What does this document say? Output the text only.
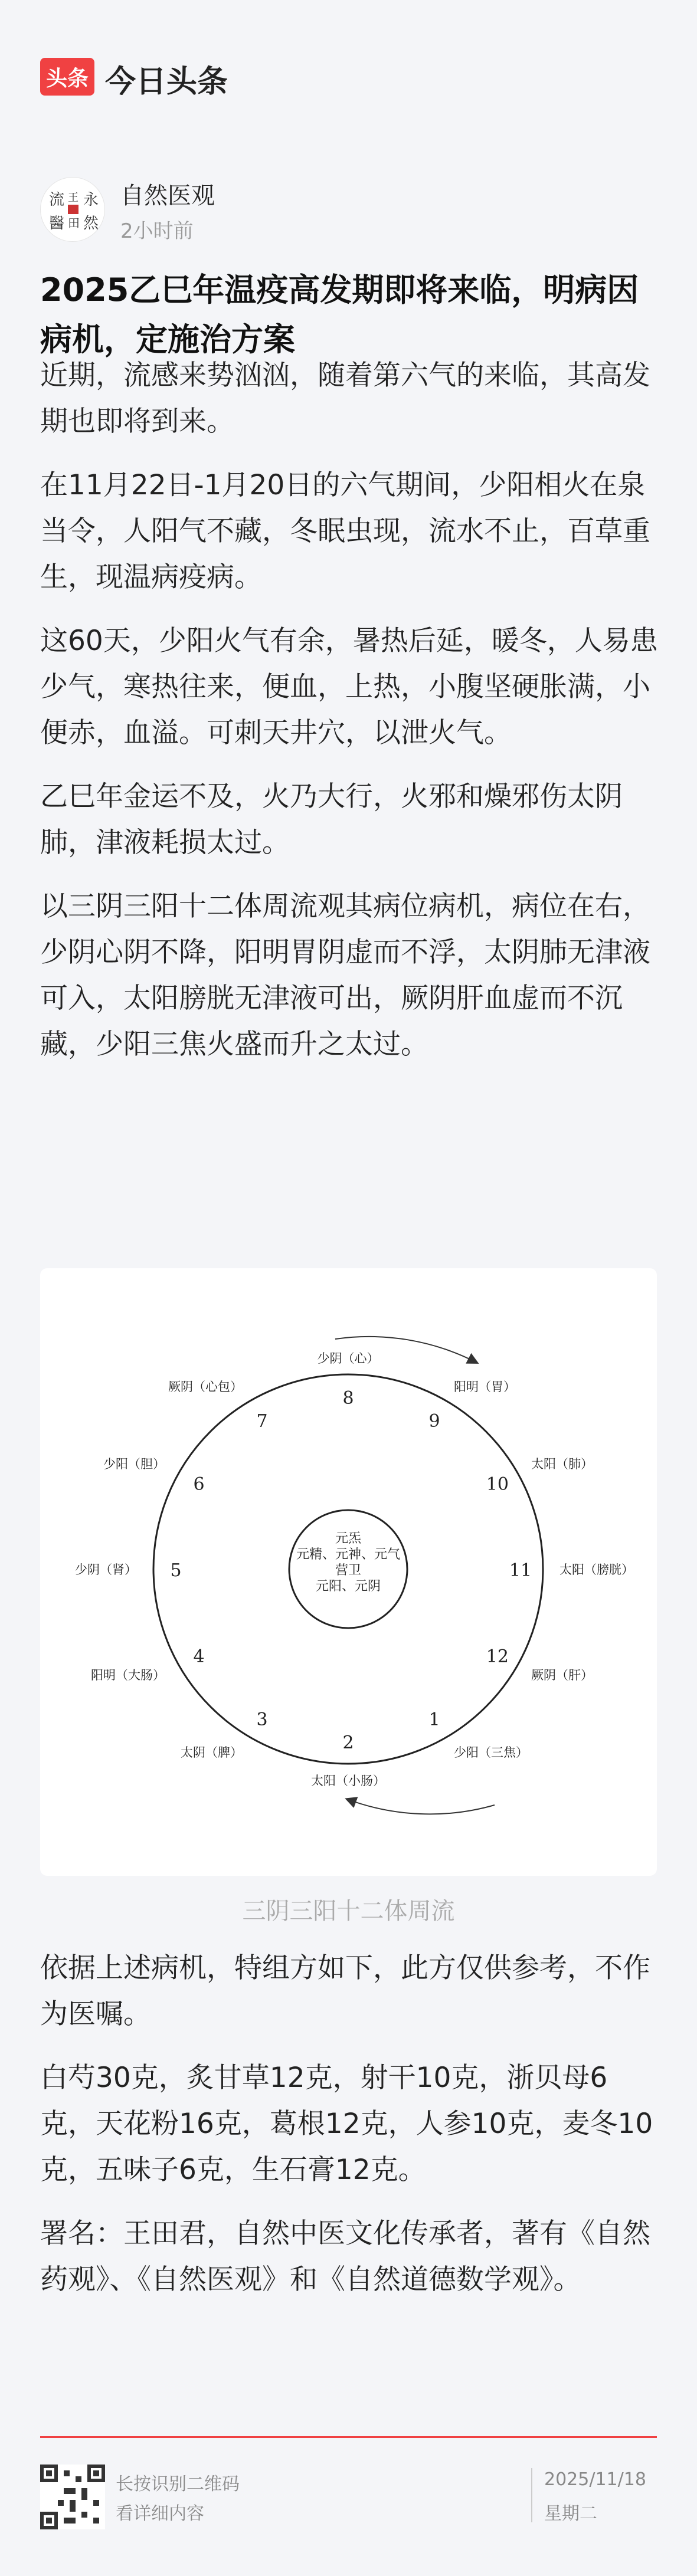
头条 今日头条
流 王 永
醫 田 然
自然医观
2小时前
2025乙巳年温疫高发期即将来临，明病因病机，定施治方案

近期，流感来势汹汹，随着第六气的来临，其高发期也即将到来。

在11月22日-1月20日的六气期间，少阳相火在泉当令，人阳气不藏，冬眠虫现，流水不止，百草重生，现温病疫病。

这60天，少阳火气有余，暑热后延，暖冬，人易患少气，寒热往来，便血，上热，小腹坚硬胀满，小便赤，血溢。可刺天井穴，以泄火气。

乙巳年金运不及，火乃大行，火邪和燥邪伤太阴肺，津液耗损太过。

以三阴三阳十二体周流观其病位病机，病位在右，少阴心阴不降，阳明胃阴虚而不浮，太阴肺无津液可入，太阳膀胱无津液可出，厥阴肝血虚而不沉藏，少阳三焦火盛而升之太过。

元炁
元精、元神、元气
营卫
元阳、元阴
1
少阳（三焦）
2
太阳（小肠）
3
太阴（脾）
4
阳明（大肠）
5
少阴（肾）
6
少阳（胆）
7
厥阴（心包）
8
少阴（心）
9
阳明（胃）
10
太阳（肺）
11 太阳（膀胱）
12
厥阴（肝）
三阴三阳十二体周流

依据上述病机，特组方如下，此方仅供参考，不作为医嘱。

白芍30克，炙甘草12克，射干10克，浙贝母6克，天花粉16克，葛根12克，人参10克，麦冬10克，五味子6克，生石膏12克。

署名：王田君，自然中医文化传承者，著有《自然药观》、《自然医观》和《自然道德数学观》。

长按识别二维码
看详细内容
2025/11/18
星期二
